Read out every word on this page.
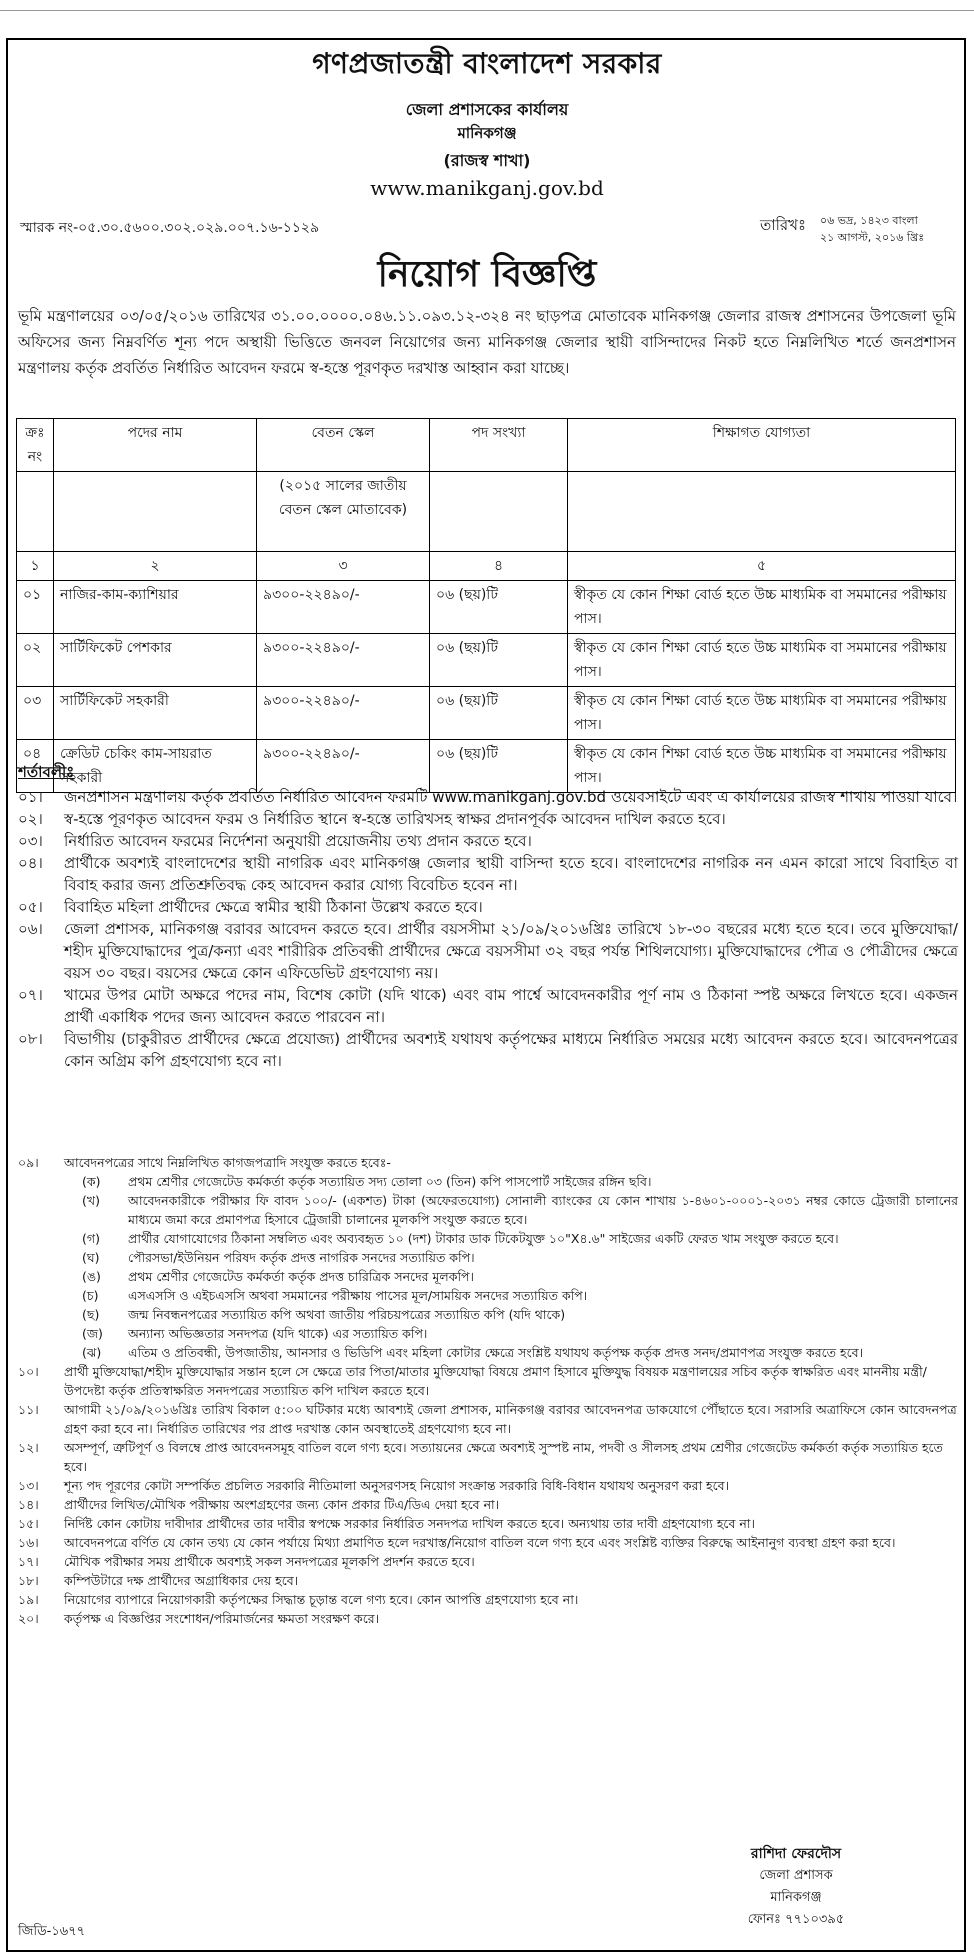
গণপ্রজাতন্ত্রী বাংলাদেশ সরকার
জেলা প্রশাসকের কার্যালয়
মানিকগঞ্জ
(রাজস্ব শাখা)
www.manikganj.gov.bd
স্মারক নং-০৫.৩০.৫৬০০.৩০২.০২৯.০০৭.১৬-১১২৯	তারিখঃ ০৬ ভদ্র, ১৪২৩ বাংলা
২১ আগস্ট, ২০১৬ খ্রিঃ
নিয়োগ বিজ্ঞপ্তি
ভূমি মন্ত্রণালয়ের ০৩/০৫/২০১৬ তারিখের ৩১.০০.০০০০.০৪৬.১১.০৯৩.১২-৩২৪ নং ছাড়পত্র মোতাবেক মানিকগঞ্জ জেলার রাজস্ব প্রশাসনের উপজেলা ভূমি অফিসের জন্য নিম্নবর্ণিত শূন্য পদে অস্থায়ী ভিত্তিতে জনবল নিয়োগের জন্য মানিকগঞ্জ জেলার স্থায়ী বাসিন্দাদের নিকট হতে নিম্নলিখিত শর্তে জনপ্রশাসন মন্ত্রণালয় কর্তৃক প্রবর্তিত নির্ধারিত আবেদন ফরমে স্ব-হস্তে পূরণকৃত দরখাস্ত আহ্বান করা যাচ্ছে।
ক্রঃ নং	পদের নাম	বেতন স্কেল	পদ সংখ্যা	শিক্ষাগত যোগ্যতা
		(২০১৫ সালের জাতীয় বেতন স্কেল মোতাবেক)		
১	২	৩	৪	৫
০১	নাজির-কাম-ক্যাশিয়ার	৯৩০০-২২৪৯০/-	০৬ (ছয়)টি	স্বীকৃত যে কোন শিক্ষা বোর্ড হতে উচ্চ মাধ্যমিক বা সমমানের পরীক্ষায় পাস।
০২	সার্টিফিকেট পেশকার	৯৩০০-২২৪৯০/-	০৬ (ছয়)টি	স্বীকৃত যে কোন শিক্ষা বোর্ড হতে উচ্চ মাধ্যমিক বা সমমানের পরীক্ষায় পাস।
০৩	সার্টিফিকেট সহকারী	৯৩০০-২২৪৯০/-	০৬ (ছয়)টি	স্বীকৃত যে কোন শিক্ষা বোর্ড হতে উচ্চ মাধ্যমিক বা সমমানের পরীক্ষায় পাস।
০৪	ক্রেডিট চেকিং কাম-সায়রাত সহকারী	৯৩০০-২২৪৯০/-	০৬ (ছয়)টি	স্বীকৃত যে কোন শিক্ষা বোর্ড হতে উচ্চ মাধ্যমিক বা সমমানের পরীক্ষায় পাস।
শর্তাবলীঃ
০১।	জনপ্রশাসন মন্ত্রণালয় কর্তৃক প্রবর্তিত নির্ধারিত আবেদন ফরমটি www.manikganj.gov.bd ওয়েবসাইটে এবং এ কার্যালয়ের রাজস্ব শাখায় পাওয়া যাবে।
০২।	স্ব-হস্তে পূরণকৃত আবেদন ফরম ও নির্ধারিত স্থানে স্ব-হস্তে তারিখসহ স্বাক্ষর প্রদানপূর্বক আবেদন দাখিল করতে হবে।
০৩।	নির্ধারিত আবেদন ফরমের নির্দেশনা অনুযায়ী প্রয়োজনীয় তথ্য প্রদান করতে হবে।
০৪।	প্রার্থীকে অবশ্যই বাংলাদেশের স্থায়ী নাগরিক এবং মানিকগঞ্জ জেলার স্থায়ী বাসিন্দা হতে হবে। বাংলাদেশের নাগরিক নন এমন কারো সাথে বিবাহিত বা বিবাহ করার জন্য প্রতিশ্রুতিবদ্ধ কেহ আবেদন করার যোগ্য বিবেচিত হবেন না।
০৫।	বিবাহিত মহিলা প্রার্থীদের ক্ষেত্রে স্বামীর স্থায়ী ঠিকানা উল্লেখ করতে হবে।
০৬।	জেলা প্রশাসক, মানিকগঞ্জ বরাবর আবেদন করতে হবে। প্রার্থীর বয়সসীমা ২১/০৯/২০১৬খ্রিঃ তারিখে ১৮-৩০ বছরের মধ্যে হতে হবে। তবে মুক্তিযোদ্ধা/শহীদ মুক্তিযোদ্ধাদের পুত্র/কন্যা এবং শারীরিক প্রতিবন্ধী প্রার্থীদের ক্ষেত্রে বয়সসীমা ৩২ বছর পর্যন্ত শিথিলযোগ্য। মুক্তিযোদ্ধাদের পৌত্র ও পৌত্রীদের ক্ষেত্রে বয়স ৩০ বছর। বয়সের ক্ষেত্রে কোন এফিডেভিট গ্রহণযোগ্য নয়।
০৭।	খামের উপর মোটা অক্ষরে পদের নাম, বিশেষ কোটা (যদি থাকে) এবং বাম পার্শ্বে আবেদনকারীর পূর্ণ নাম ও ঠিকানা স্পষ্ট অক্ষরে লিখতে হবে। একজন প্রার্থী একাধিক পদের জন্য আবেদন করতে পারবেন না।
০৮।	বিভাগীয় (চাকুরীরত প্রার্থীদের ক্ষেত্রে প্রযোজ্য) প্রার্থীদের অবশ্যই যথাযথ কর্তৃপক্ষের মাধ্যমে নির্ধারিত সময়ের মধ্যে আবেদন করতে হবে। আবেদনপত্রের কোন অগ্রিম কপি গ্রহণযোগ্য হবে না।
০৯।	আবেদনপত্রের সাথে নিম্নলিখিত কাগজপত্রাদি সংযুক্ত করতে হবেঃ-
(ক)	প্রথম শ্রেণীর গেজেটেড কর্মকর্তা কর্তৃক সত্যায়িত সদ্য তোলা ০৩ (তিন) কপি পাসপোর্ট সাইজের রঙ্গিন ছবি।
(খ)	আবেদনকারীকে পরীক্ষার ফি বাবদ ১০০/- (একশত) টাকা (অফেরতযোগ্য) সোনালী ব্যাংকের যে কোন শাখায় ১-৪৬০১-০০০১-২০৩১ নম্বর কোডে ট্রেজারী চালানের মাধ্যমে জমা করে প্রমাণপত্র হিসাবে ট্রেজারী চালানের মূলকপি সংযুক্ত করতে হবে।
(গ)	প্রার্থীর যোগাযোগের ঠিকানা সম্বলিত এবং অব্যবহৃত ১০ (দশ) টাকার ডাক টিকেটযুক্ত ১০"X৪.৬" সাইজের একটি ফেরত খাম সংযুক্ত করতে হবে।
(ঘ)	পৌরসভা/ইউনিয়ন পরিষদ কর্তৃক প্রদত্ত নাগরিক সনদের সত্যায়িত কপি।
(ঙ)	প্রথম শ্রেণীর গেজেটেড কর্মকর্তা কর্তৃক প্রদত্ত চারিত্রিক সনদের মূলকপি।
(চ)	এসএসসি ও এইচএসসি অথবা সমমানের পরীক্ষায় পাসের মূল/সাময়িক সনদের সত্যায়িত কপি।
(ছ)	জন্ম নিবন্ধনপত্রের সত্যায়িত কপি অথবা জাতীয় পরিচয়পত্রের সত্যায়িত কপি (যদি থাকে)
(জ)	অন্যান্য অভিজ্ঞতার সনদপত্র (যদি থাকে) এর সত্যায়িত কপি।
(ঝ)	এতিম ও প্রতিবন্ধী, উপজাতীয়, আনসার ও ভিডিপি এবং মহিলা কোটার ক্ষেত্রে সংশ্লিষ্ট যথাযথ কর্তৃপক্ষ কর্তৃক প্রদত্ত সনদ/প্রমাণপত্র সংযুক্ত করতে হবে।
১০।	প্রার্থী মুক্তিযোদ্ধা/শহীদ মুক্তিযোদ্ধার সন্তান হলে সে ক্ষেত্রে তার পিতা/মাতার মুক্তিযোদ্ধা বিষয়ে প্রমাণ হিসাবে মুক্তিযুদ্ধ বিষয়ক মন্ত্রণালয়ের সচিব কর্তৃক স্বাক্ষরিত এবং মাননীয় মন্ত্রী/উপদেষ্টা কর্তৃক প্রতিস্বাক্ষরিত সনদপত্রের সত্যায়িত কপি দাখিল করতে হবে।
১১।	আগামী ২১/০৯/২০১৬খ্রিঃ তারিখ বিকাল ৫:০০ ঘটিকার মধ্যে আবশ্যই জেলা প্রশাসক, মানিকগঞ্জ বরাবর আবেদনপত্র ডাকযোগে পৌঁছাতে হবে। সরাসরি অত্রাফিসে কোন আবেদনপত্র গ্রহণ করা হবে না। নির্ধারিত তারিখের পর প্রাপ্ত দরখাস্ত কোন অবস্থাতেই গ্রহণযোগ্য হবে না।
১২।	অসম্পূর্ণ, ত্রুটিপূর্ণ ও বিলম্বে প্রাপ্ত আবেদনসমূহ বাতিল বলে গণ্য হবে। সত্যায়নের ক্ষেত্রে অবশ্যই সুস্পষ্ট নাম, পদবী ও সীলসহ প্রথম শ্রেণীর গেজেটেড কর্মকর্তা কর্তৃক সত্যায়িত হতে হবে।
১৩।	শূন্য পদ পূরণের কোটা সম্পর্কিত প্রচলিত সরকারি নীতিমালা অনুসরণসহ নিয়োগ সংক্রান্ত সরকারি বিধি-বিধান যথাযথ অনুসরণ করা হবে।
১৪।	প্রার্থীদের লিখিত/মৌখিক পরীক্ষায় অংশগ্রহণের জন্য কোন প্রকার টিএ/ডিএ দেয়া হবে না।
১৫।	নির্দিষ্ট কোন কোটায় দাবীদার প্রার্থীদের তার দাবীর স্বপক্ষে সরকার নির্ধারিত সনদপত্র দাখিল করতে হবে। অন্যথায় তার দাবী গ্রহণযোগ্য হবে না।
১৬।	আবেদনপত্রে বর্ণিত যে কোন তথ্য যে কোন পর্যায়ে মিথ্যা প্রমাণিত হলে দরখাস্ত/নিয়োগ বাতিল বলে গণ্য হবে এবং সংশ্লিষ্ট ব্যক্তির বিরুদ্ধে আইনানুগ ব্যবস্থা গ্রহণ করা হবে।
১৭।	মৌখিক পরীক্ষার সময় প্রার্থীকে অবশ্যই সকল সনদপত্রের মূলকপি প্রদর্শন করতে হবে।
১৮।	কম্পিউটারে দক্ষ প্রার্থীদের অগ্রাধিকার দেয় হবে।
১৯।	নিয়োগের ব্যাপারে নিয়োগকারী কর্তৃপক্ষের সিদ্ধান্ত চূড়ান্ত বলে গণ্য হবে। কোন আপত্তি গ্রহণযোগ্য হবে না।
২০।	কর্তৃপক্ষ এ বিজ্ঞপ্তির সংশোধন/পরিমার্জনের ক্ষমতা সংরক্ষণ করে।
রাশিদা ফেরদৌস
জেলা প্রশাসক
মানিকগঞ্জ
ফোনঃ ৭৭১০৩৯৫
জিডি-১৬৭৭
